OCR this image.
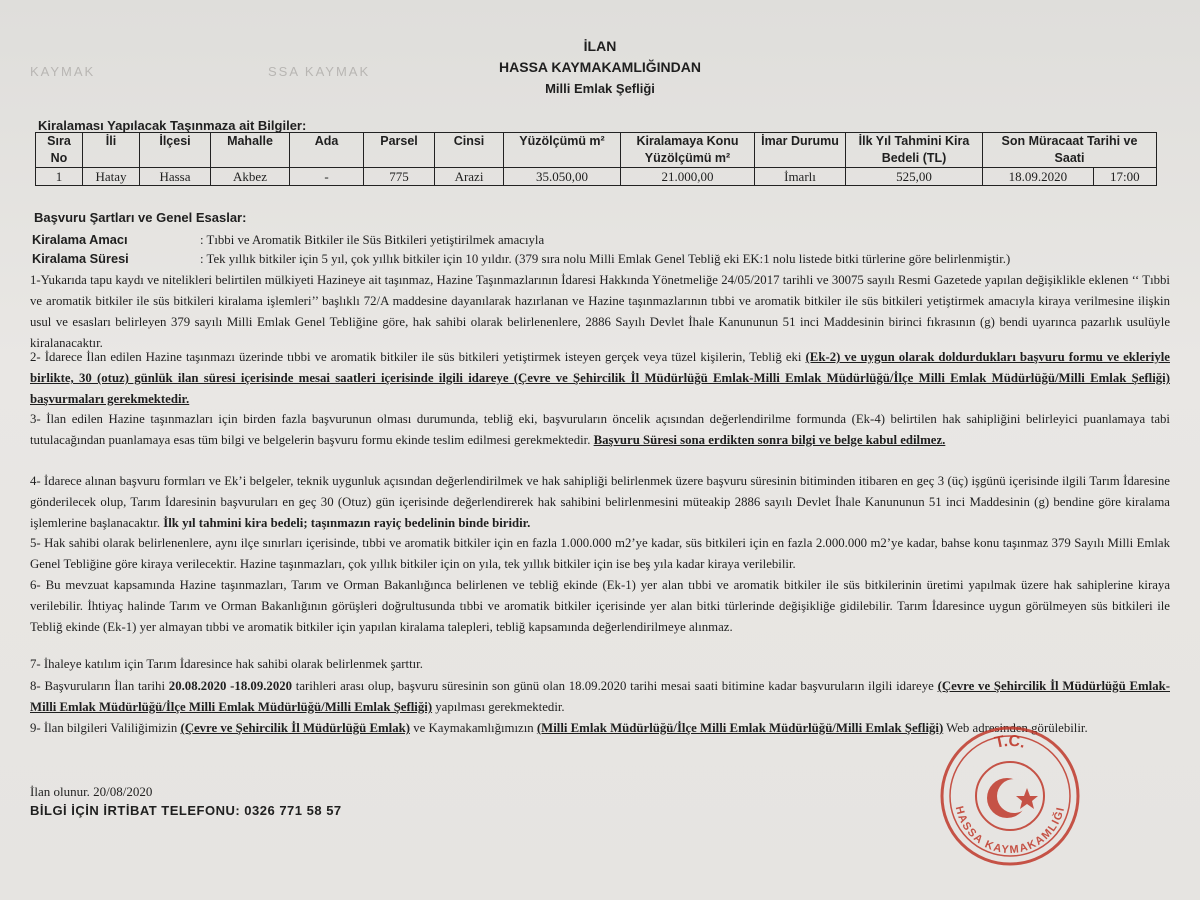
KAYMAK	SSA KAYMAK
İLAN
HASSA KAYMAKAMLIĞINDAN
Milli Emlak Şefliği
Kiralaması Yapılacak Taşınmaza ait Bilgiler:
Sıra No	İli	İlçesi	Mahalle	Ada	Parsel	Cinsi	Yüzölçümü m²	Kiralamaya Konu Yüzölçümü m²	İmar Durumu	İlk Yıl Tahmini Kira Bedeli (TL)	Son Müracaat Tarihi ve Saati	
1	Hatay	Hassa	Akbez	-	775	Arazi	35.050,00	21.000,00	İmarlı	525,00	18.09.2020	17:00
Başvuru Şartları ve Genel Esaslar:
Kiralama Amacı	: Tıbbi ve Aromatik Bitkiler ile Süs Bitkileri yetiştirilmek amacıyla
Kiralama Süresi	: Tek yıllık bitkiler için 5 yıl, çok yıllık bitkiler için 10 yıldır. (379 sıra nolu Milli Emlak Genel Tebliğ eki EK:1 nolu listede bitki türlerine göre belirlenmiştir.)
1-Yukarıda tapu kaydı ve nitelikleri belirtilen mülkiyeti Hazineye ait taşınmaz, Hazine Taşınmazlarının İdaresi Hakkında Yönetmeliğe 24/05/2017 tarihli ve 30075 sayılı Resmi Gazetede yapılan değişiklikle eklenen ‘‘ Tıbbi ve aromatik bitkiler ile süs bitkileri kiralama işlemleri’’ başlıklı 72/A maddesine dayanılarak hazırlanan ve Hazine taşınmazlarının tıbbi ve aromatik bitkiler ile süs bitkileri yetiştirmek amacıyla kiraya verilmesine ilişkin usul ve esasları belirleyen 379 sayılı Milli Emlak Genel Tebliğine göre, hak sahibi olarak belirlenenlere, 2886 Sayılı Devlet İhale Kanununun 51 inci Maddesinin birinci fıkrasının (g) bendi uyarınca pazarlık usulüyle kiralanacaktır.
2- İdarece İlan edilen Hazine taşınmazı üzerinde tıbbi ve aromatik bitkiler ile süs bitkileri yetiştirmek isteyen gerçek veya tüzel kişilerin, Tebliğ eki (Ek-2) ve uygun olarak doldurdukları başvuru formu ve ekleriyle birlikte, 30 (otuz) günlük ilan süresi içerisinde mesai saatleri içerisinde ilgili idareye (Çevre ve Şehircilik İl Müdürlüğü Emlak-Milli Emlak Müdürlüğü/İlçe Milli Emlak Müdürlüğü/Milli Emlak Şefliği) başvurmaları gerekmektedir.
3- İlan edilen Hazine taşınmazları için birden fazla başvurunun olması durumunda, tebliğ eki, başvuruların öncelik açısından değerlendirilme formunda (Ek-4) belirtilen hak sahipliğini belirleyici puanlamaya tabi tutulacağından puanlamaya esas tüm bilgi ve belgelerin başvuru formu ekinde teslim edilmesi gerekmektedir. Başvuru Süresi sona erdikten sonra bilgi ve belge kabul edilmez.
4- İdarece alınan başvuru formları ve Ek’i belgeler, teknik uygunluk açısından değerlendirilmek ve hak sahipliği belirlenmek üzere başvuru süresinin bitiminden itibaren en geç 3 (üç) işgünü içerisinde ilgili Tarım İdaresine gönderilecek olup, Tarım İdaresinin başvuruları en geç 30 (Otuz) gün içerisinde değerlendirerek hak sahibini belirlenmesini müteakip 2886 sayılı Devlet İhale Kanununun 51 inci Maddesinin (g) bendine göre kiralama işlemlerine başlanacaktır. İlk yıl tahmini kira bedeli; taşınmazın rayiç bedelinin binde biridir.
5- Hak sahibi olarak belirlenenlere, aynı ilçe sınırları içerisinde, tıbbi ve aromatik bitkiler için en fazla 1.000.000 m2’ye kadar, süs bitkileri için en fazla 2.000.000 m2’ye kadar, bahse konu taşınmaz 379 Sayılı Milli Emlak Genel Tebliğine göre kiraya verilecektir. Hazine taşınmazları, çok yıllık bitkiler için on yıla, tek yıllık bitkiler için ise beş yıla kadar kiraya verilebilir.
6- Bu mevzuat kapsamında Hazine taşınmazları, Tarım ve Orman Bakanlığınca belirlenen ve tebliğ ekinde (Ek-1) yer alan tıbbi ve aromatik bitkiler ile süs bitkilerinin üretimi yapılmak üzere hak sahiplerine kiraya verilebilir. İhtiyaç halinde Tarım ve Orman Bakanlığının görüşleri doğrultusunda tıbbi ve aromatik bitkiler içerisinde yer alan bitki türlerinde değişikliğe gidilebilir. Tarım İdaresince uygun görülmeyen süs bitkileri ile Tebliğ ekinde (Ek-1) yer almayan tıbbi ve aromatik bitkiler için yapılan kiralama talepleri, tebliğ kapsamında değerlendirilmeye alınmaz.
7- İhaleye katılım için Tarım İdaresince hak sahibi olarak belirlenmek şarttır.
8- Başvuruların İlan tarihi 20.08.2020 -18.09.2020 tarihleri arası olup, başvuru süresinin son günü olan 18.09.2020 tarihi mesai saati bitimine kadar başvuruların ilgili idareye (Çevre ve Şehircilik İl Müdürlüğü Emlak-Milli Emlak Müdürlüğü/İlçe Milli Emlak Müdürlüğü/Milli Emlak Şefliği) yapılması gerekmektedir.
9- İlan bilgileri Valiliğimizin (Çevre ve Şehircilik İl Müdürlüğü Emlak) ve Kaymakamlığımızın (Milli Emlak Müdürlüğü/İlçe Milli Emlak Müdürlüğü/Milli Emlak Şefliği) Web adresinden görülebilir.
İlan olunur. 20/08/2020
BİLGİ İÇİN İRTİBAT TELEFONU: 0326 771 58 57
T.C.
HASSA KAYMAKAMLIĞI
